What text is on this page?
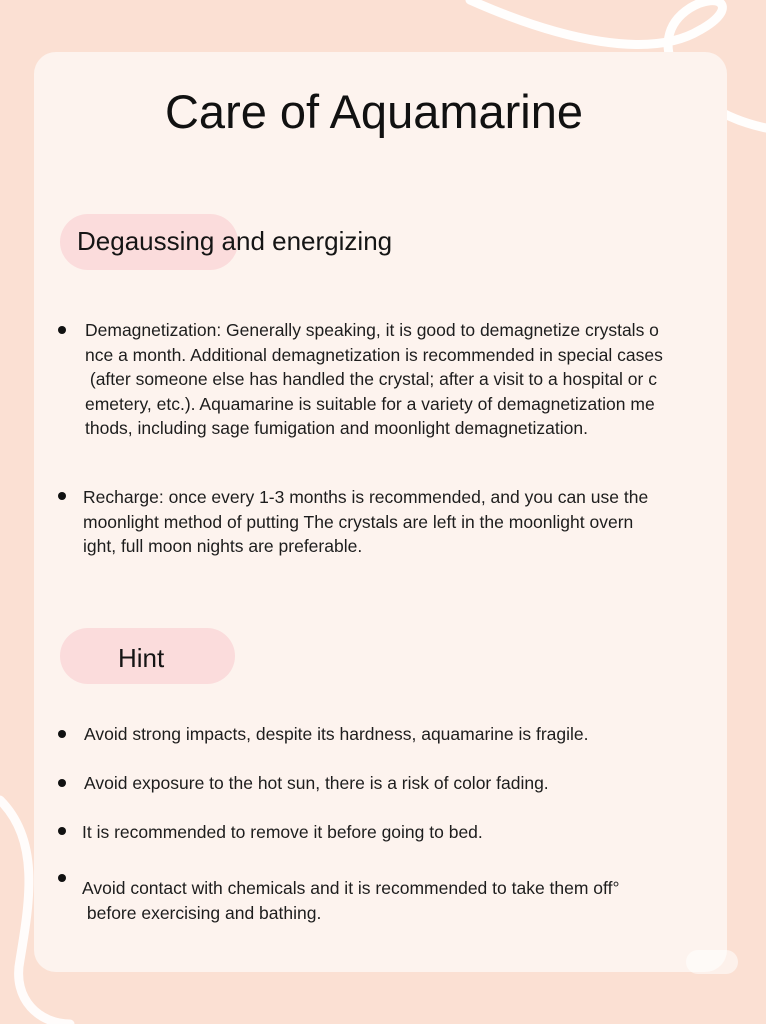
Care of Aquamarine
Degaussing and energizing

Demagnetization: Generally speaking, it is good to demagnetize crystals o
nce a month. Additional demagnetization is recommended in special cases
(after someone else has handled the crystal; after a visit to a hospital or c
emetery, etc.). Aquamarine is suitable for a variety of demagnetization me
thods, including sage fumigation and moonlight demagnetization.

Recharge: once every 1-3 months is recommended, and you can use the
moonlight method of putting The crystals are left in the moonlight overn
ight, full moon nights are preferable.

Hint

Avoid strong impacts, despite its hardness, aquamarine is fragile.

Avoid exposure to the hot sun, there is a risk of color fading.

It is recommended to remove it before going to bed.

Avoid contact with chemicals and it is recommended to take them off°
before exercising and bathing.
